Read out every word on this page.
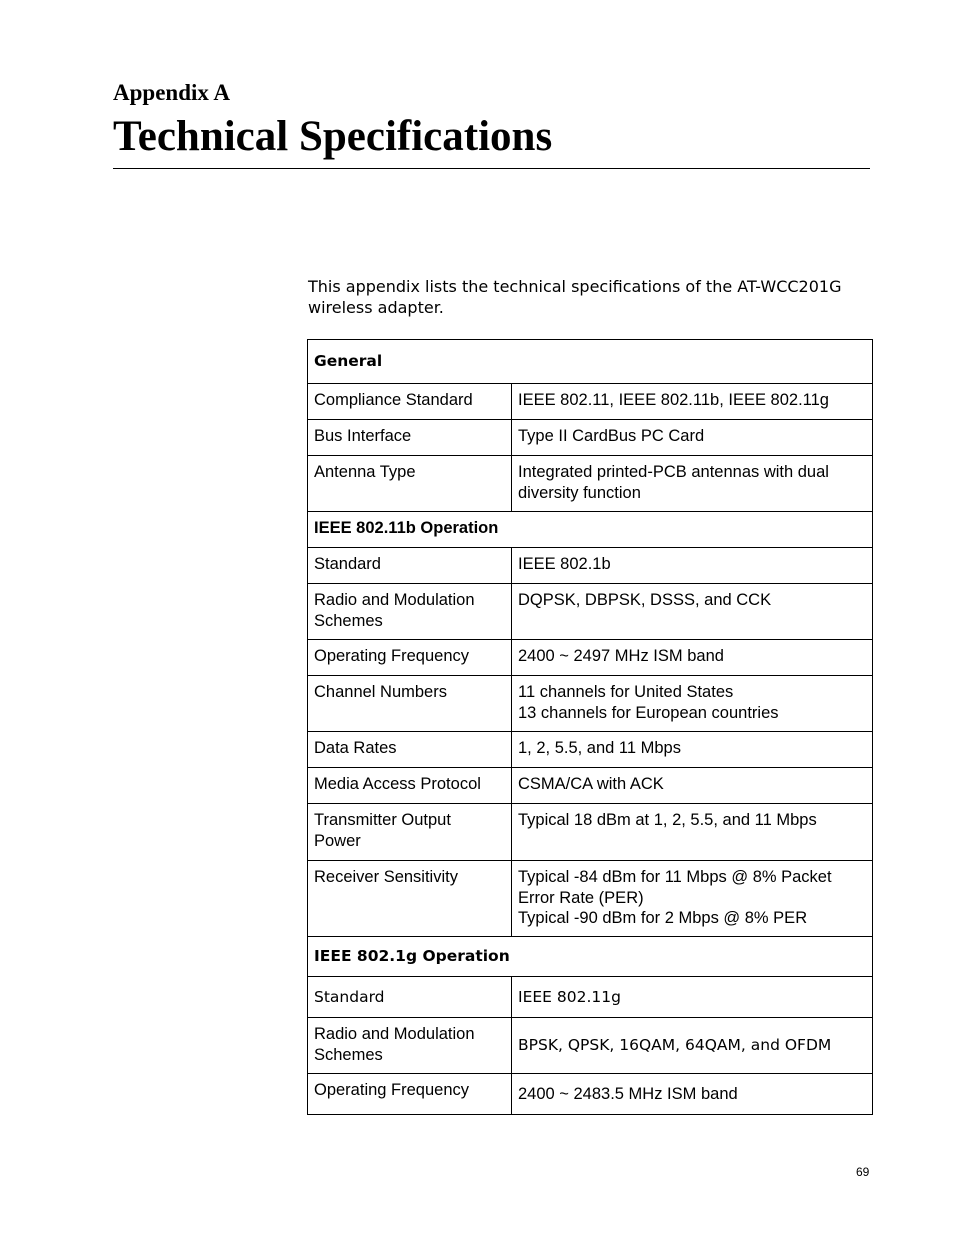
Appendix A
Technical Specifications

This appendix lists the technical specifications of the AT-WCC201G wireless adapter.

General	

Compliance Standard	IEEE 802.11, IEEE 802.11b, IEEE 802.11g

Bus Interface	Type II CardBus PC Card

Antenna Type	Integrated printed-PCB antennas with dual
diversity function

IEEE 802.11b Operation	

Standard	IEEE 802.1b

Radio and Modulation
Schemes	DQPSK, DBPSK, DSSS, and CCK

Operating Frequency	2400 ~ 2497 MHz ISM band

Channel Numbers	11 channels for United States
13 channels for European countries

Data Rates	1, 2, 5.5, and 11 Mbps

Media Access Protocol	CSMA/CA with ACK

Transmitter Output
Power	Typical 18 dBm at 1, 2, 5.5, and 11 Mbps

Receiver Sensitivity	Typical -84 dBm for 11 Mbps @ 8% Packet
Error Rate (PER)
Typical -90 dBm for 2 Mbps @ 8% PER

IEEE 802.1g Operation	

Standard	IEEE 802.11g

Radio and Modulation
Schemes	BPSK, QPSK, 16QAM, 64QAM, and OFDM

Operating Frequency	2400 ~ 2483.5 MHz ISM band
69
